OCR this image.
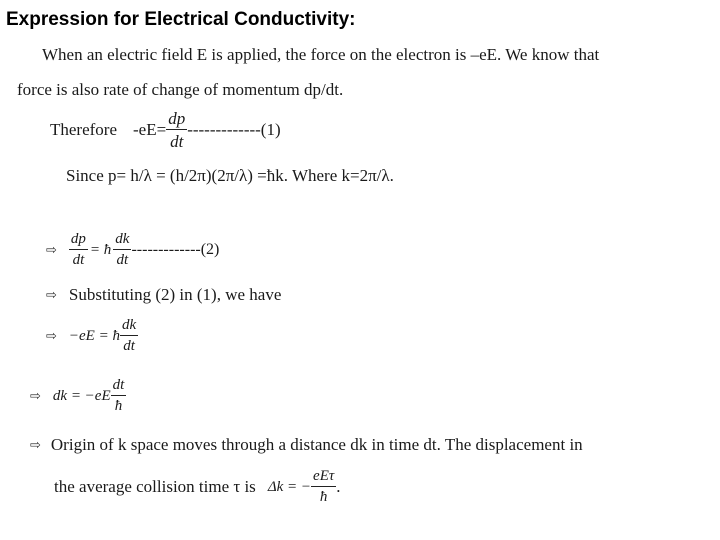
Expression for Electrical Conductivity:
When an electric field E is applied, the force on the electron is –eE. We know that
force is also rate of change of momentum dp/dt.
Therefore $-eE= \frac{dp}{dt} -------------(1)$
Since p= h/λ = (h/2π)(2π/λ) =ħk. Where k=2π/λ.
⇨ $\frac{dp}{dt}$ = ħ $\frac{dk}{dt} -------------(2)$
⇨ Substituting (2) in (1), we have
⇨ −eE = ħ $\frac{dk}{dt}$
⇨ dk = $-eE \frac{dt}{ħ}$
⇨ Origin of k space moves through a distance dk in time dt. The displacement in
the average collision time τ is Δk = − $\frac{\text{eEτ}}{ħ}$ .
